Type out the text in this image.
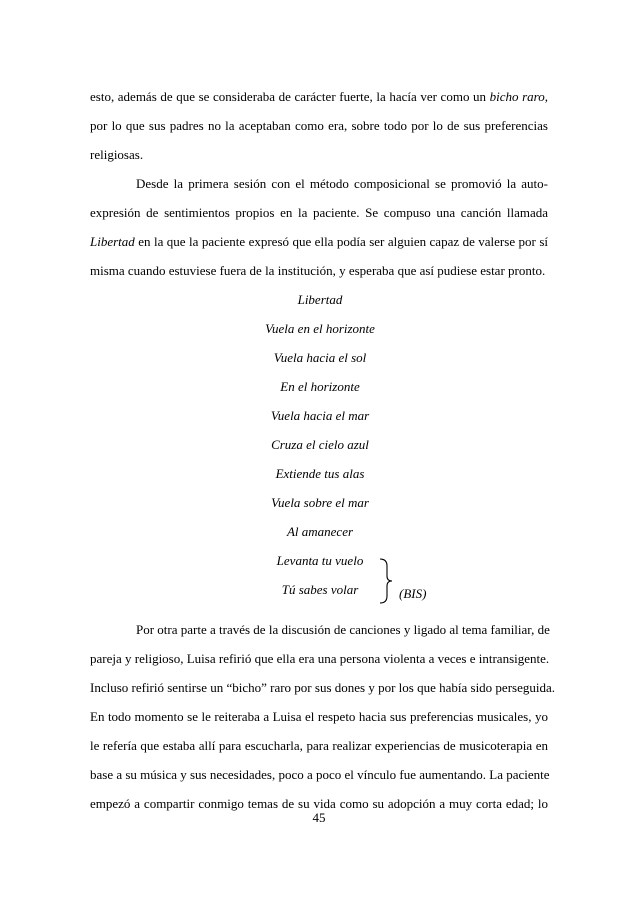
esto, además de que se consideraba de carácter fuerte, la hacía ver como un bicho raro,
por lo que sus padres no la aceptaban como era, sobre todo por lo de sus preferencias
religiosas.
Desde la primera sesión con el método composicional se promovió la auto-
expresión de sentimientos propios en la paciente. Se compuso una canción llamada
Libertad en la que la paciente expresó que ella podía ser alguien capaz de valerse por sí
misma cuando estuviese fuera de la institución, y esperaba que así pudiese estar pronto.
Libertad
Vuela en el horizonte
Vuela hacia el sol
En el horizonte
Vuela hacia el mar
Cruza el cielo azul
Extiende tus alas
Vuela sobre el mar
Al amanecer
Levanta tu vuelo
Tú sabes volar	(BIS)
Por otra parte a través de la discusión de canciones y ligado al tema familiar, de
pareja y religioso, Luisa refirió que ella era una persona violenta a veces e intransigente.
Incluso refirió sentirse un “bicho” raro por sus dones y por los que había sido perseguida.
En todo momento se le reiteraba a Luisa el respeto hacia sus preferencias musicales, yo
le refería que estaba allí para escucharla, para realizar experiencias de musicoterapia en
base a su música y sus necesidades, poco a poco el vínculo fue aumentando. La paciente
empezó a compartir conmigo temas de su vida como su adopción a muy corta edad; lo
45
